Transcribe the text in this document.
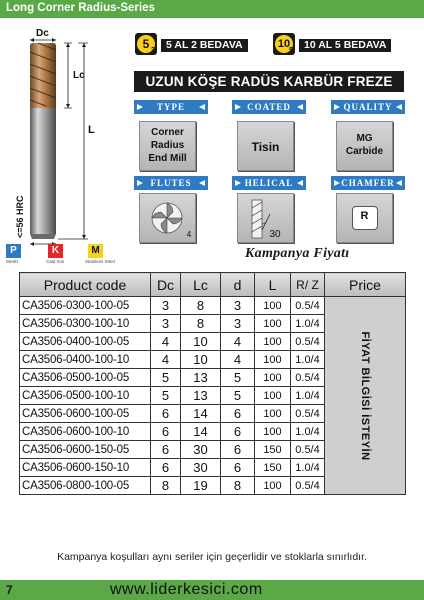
Long Corner Radius-Series
Dc
Lc
L
<=56 HRC
P
Steels
K
Cast Iron
M
Stainless Steel
5 2	5 AL 2 BEDAVA	10
5	10 AL 5 BEDAVA
UZUN KÖŞE RADÜS KARBÜR FREZE
TYPE	COATED	QUALITY
Corner
Radius
End Mill
Tisin
MG
Carbide
FLUTES	HELICAL	CHAMFER
4	30
R
Kampanya Fiyatı
Product code	Dc	Lc	d	L	R/ Z	Price
CA3506-0300-100-05	3	8	3	100	0.5/4	FİYAT BİLGİSİ İSTEYİN

CA3506-0300-100-10	3	8	3	100	1.0/4	
CA3506-0400-100-05	4	10	4	100	0.5/4	
CA3506-0400-100-10	4	10	4	100	1.0/4	
CA3506-0500-100-05	5	13	5	100	0.5/4	
CA3506-0500-100-10	5	13	5	100	1.0/4	
CA3506-0600-100-05	6	14	6	100	0.5/4	
CA3506-0600-100-10	6	14	6	100	1.0/4	
CA3506-0600-150-05	6	30	6	150	0.5/4	
CA3506-0600-150-10	6	30	6	150	1.0/4	
CA3506-0800-100-05	8	19	8	100	0.5/4	
Kampanya koşulları aynı seriler için geçerlidir ve stoklarla sınırlıdır.
7	www.liderkesici.com
